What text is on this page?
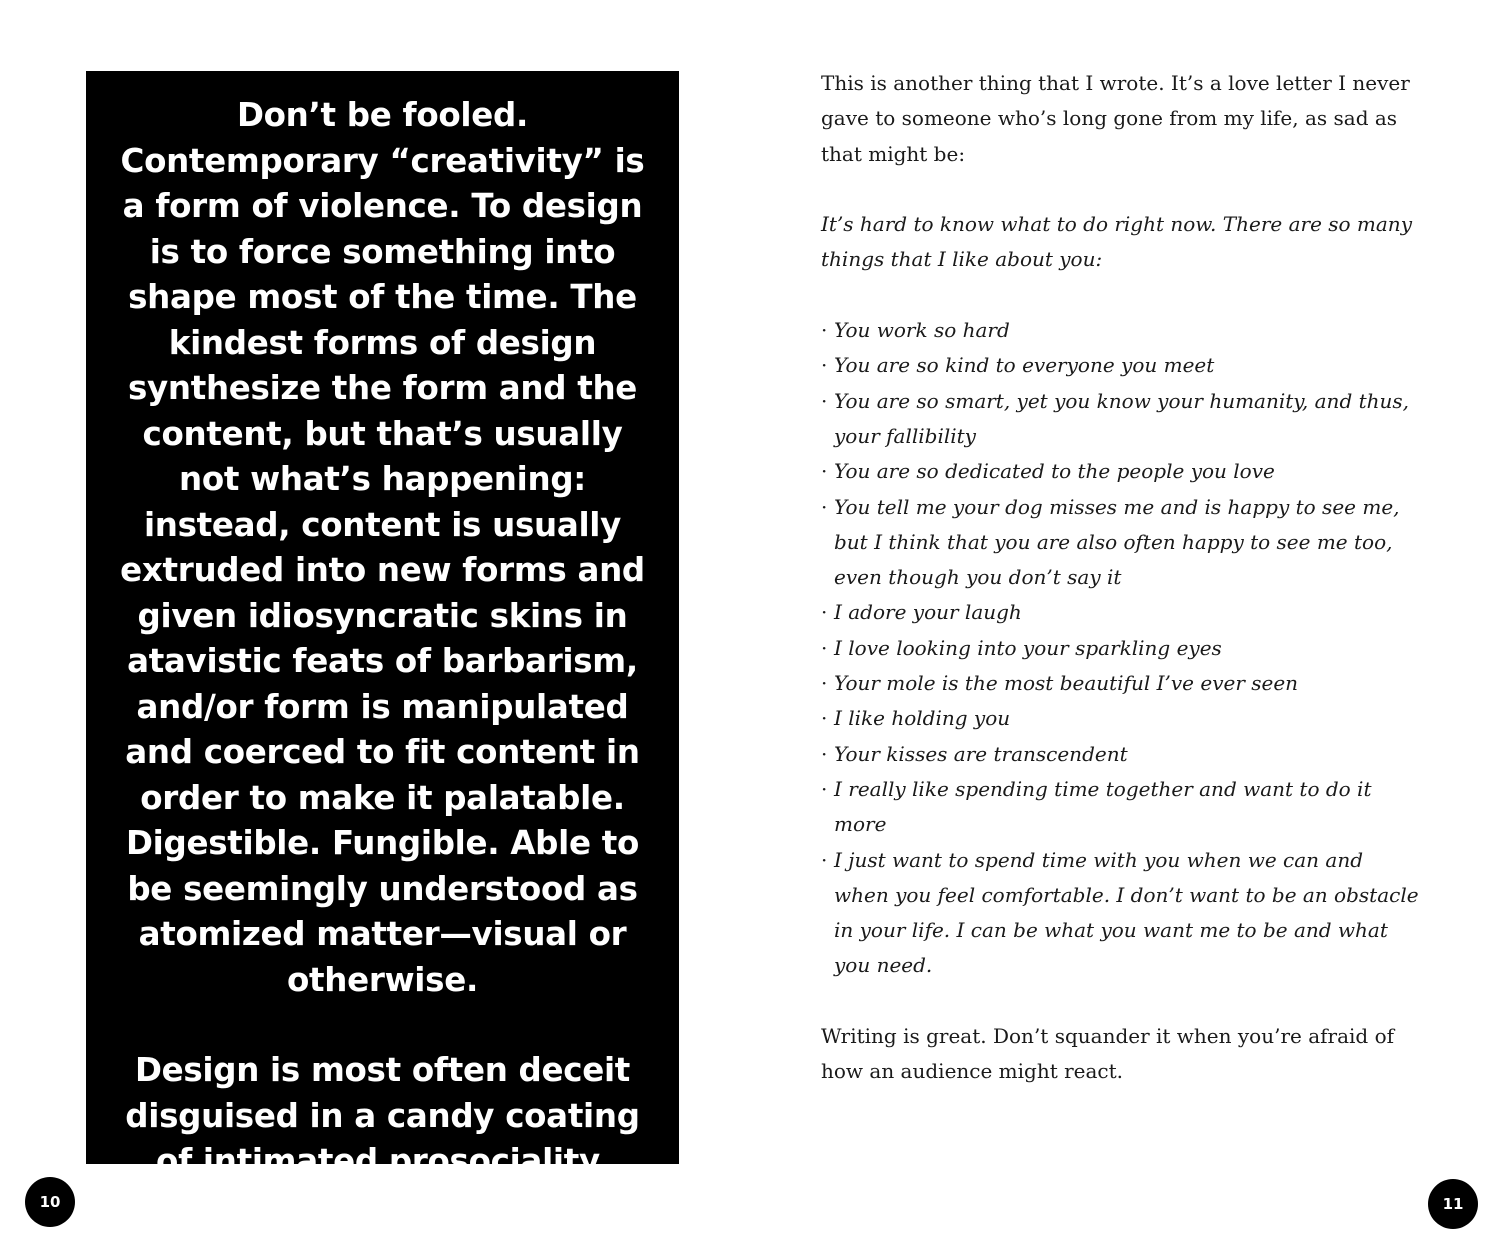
Don’t be fooled. Contemporary “creativity” is a form of violence. To design is to force something into shape most of the time. The kindest forms of design synthesize the form and the content, but that’s usually not what’s happening: instead, content is usually extruded into new forms and given idiosyncratic skins in atavistic feats of barbarism, and/or form is manipulated and coerced to fit content in order to make it palatable. Digestible. Fungible. Able to be seemingly understood as atomized matter—visual or otherwise.

Design is most often deceit disguised in a candy coating of intimated prosociality.

10

This is another thing that I wrote. It’s a love letter I never gave to someone who’s long gone from my life, as sad as that might be:

It’s hard to know what to do right now. There are so many things that I like about you:

· You work so hard
· You are so kind to everyone you meet
· You are so smart, yet you know your humanity, and thus, your fallibility
· You are so dedicated to the people you love
· You tell me your dog misses me and is happy to see me, but I think that you are also often happy to see me too, even though you don’t say it
· I adore your laugh
· I love looking into your sparkling eyes
· Your mole is the most beautiful I’ve ever seen
· I like holding you
· Your kisses are transcendent
· I really like spending time together and want to do it more
· I just want to spend time with you when we can and when you feel comfortable. I don’t want to be an obstacle in your life. I can be what you want me to be and what you need.

Writing is great. Don’t squander it when you’re afraid of how an audience might react.

11
